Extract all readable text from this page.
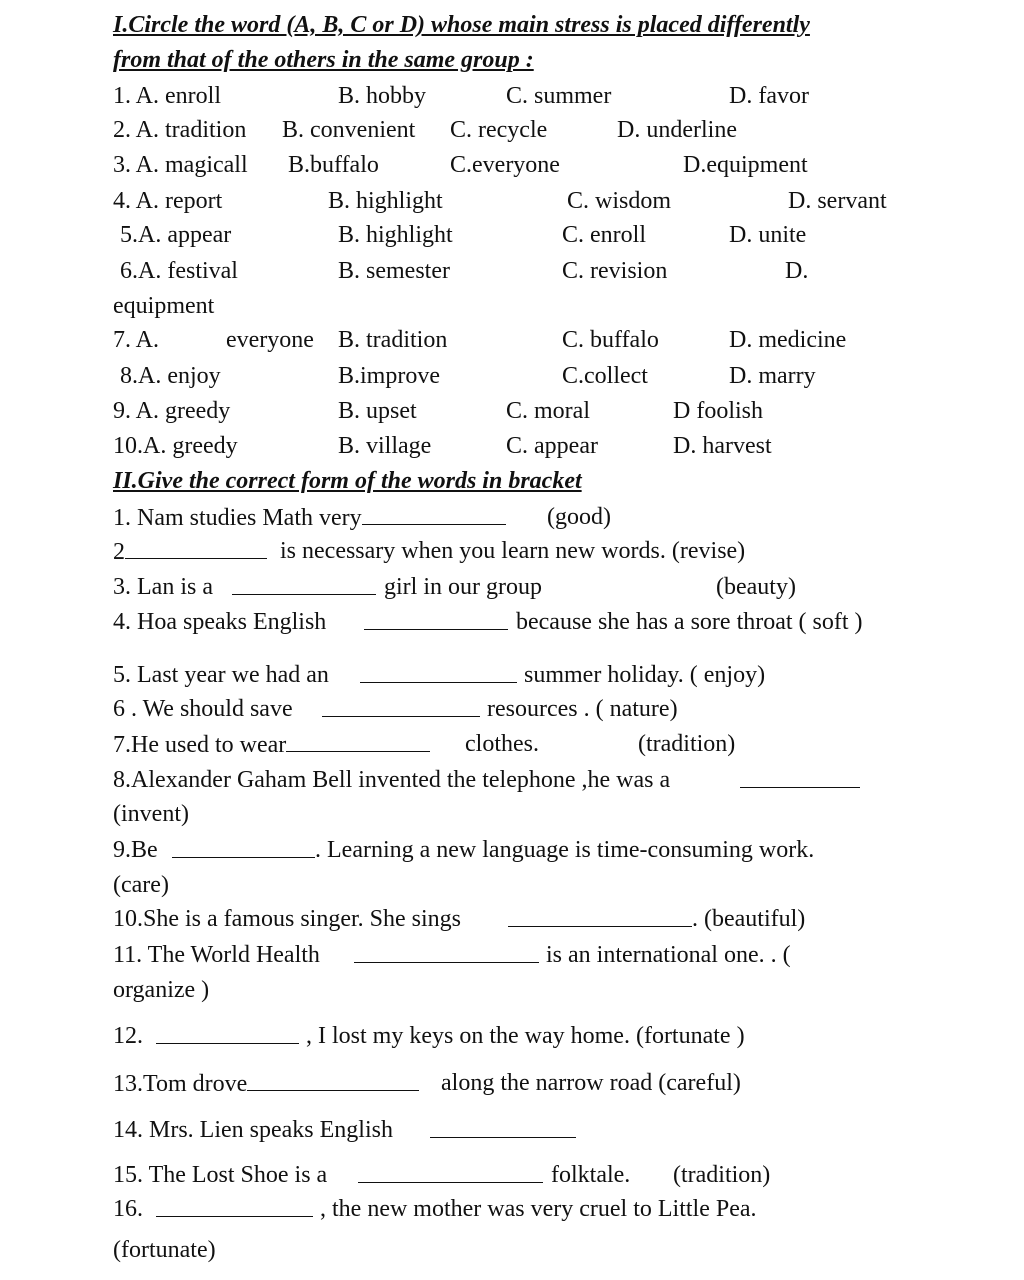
I.Circle the word (A, B, C or D) whose main stress is placed differently
from that of the others in the same group :
1. A. enroll	B. hobby	C. summer	D. favor
2. A. tradition B. convenient C. recycle	D. underline
3. A. magicall B.buffalo	C.everyone	D.equipment
4. A. report	B. highlight	C. wisdom	D. servant
5.A. appear	B. highlight	C. enroll	D. unite
6.A. festival	B. semester	C. revision	D.
equipment
7. A.	everyone B. tradition	C. buffalo	D. medicine
8.A. enjoy	B.improve	C.collect	D. marry
9. A. greedy	B. upset	C. moral	D foolish
10.A. greedy	B. village	C. appear	D. harvest
II.Give the correct form of the words in bracket
1. Nam studies Math very	(good)
2	is necessary when you learn new words. (revise)
3. Lan is a	girl in our group	(beauty)
4. Hoa speaks English	because she has a sore throat ( soft )
5. Last year we had an	summer holiday. ( enjoy)
6 . We should save	resources . ( nature)
7.He used to wear	clothes.	(tradition)
8.Alexander Gaham Bell invented the telephone ,he was a
(invent)
9.Be	. Learning a new language is time-consuming work.
(care)
10.She is a famous singer. She sings	. (beautiful)
11. The World Health	is an international one. . (
organize )
12.	, I lost my keys on the way home. (fortunate )
13.Tom drove	along the narrow road (careful)
14. Mrs. Lien speaks English
15. The Lost Shoe is a	folktale. (tradition)
16.	, the new mother was very cruel to Little Pea.
(fortunate)
